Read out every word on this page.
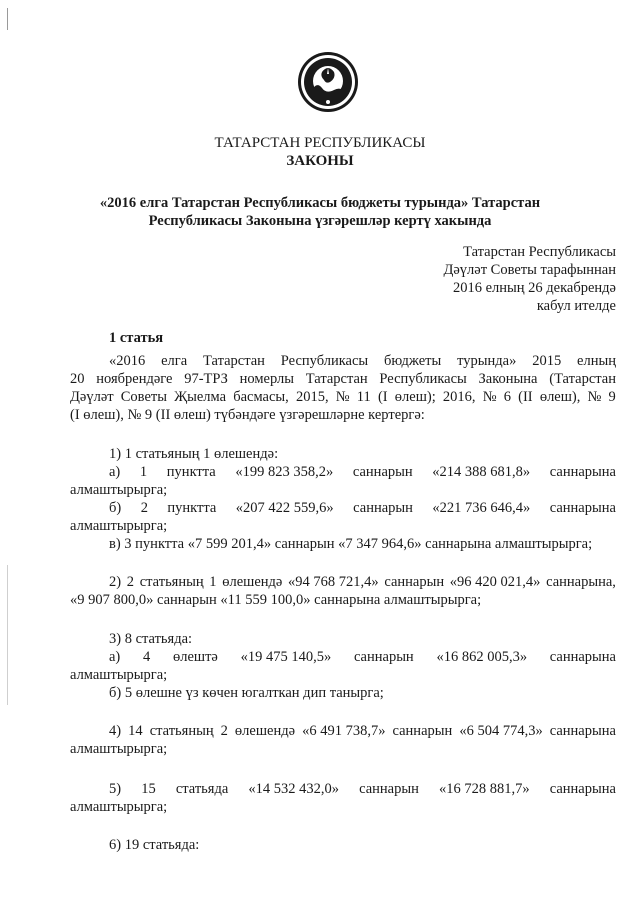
ТАТАРСТАН РЕСПУБЛИКАСЫ
ЗАКОНЫ
«2016 елга Татарстан Республикасы бюджеты турында» Татарстан
Республикасы Законына үзгәрешләр кертү хакында
Татарстан Республикасы
Дәүләт Советы тарафыннан
2016 елның 26 декабрендә
кабул ителде
1 статья
«2016 елга Татарстан Республикасы бюджеты турында» 2015 елның
20 ноябрендәге 97-ТРЗ номерлы Татарстан Республикасы Законына (Татарстан
Дәүләт Советы Җыелма басмасы, 2015, № 11 (I өлеш); 2016, № 6 (II өлеш), № 9
(I өлеш), № 9 (II өлеш) түбәндәге үзгәрешләрне кертергә:
1) 1 статьяның 1 өлешендә:
а) 1 пунктта «199 823 358,2» саннарын «214 388 681,8» саннарына
алмаштырырга;
б) 2 пунктта «207 422 559,6» саннарын «221 736 646,4» саннарына
алмаштырырга;
в) 3 пунктта «7 599 201,4» саннарын «7 347 964,6» саннарына алмаштырырга;
2) 2 статьяның 1 өлешендә «94 768 721,4» саннарын «96 420 021,4» саннарына,
«9 907 800,0» саннарын «11 559 100,0» саннарына алмаштырырга;
3) 8 статьяда:
а) 4 өлештә «19 475 140,5» саннарын «16 862 005,3» саннарына
алмаштырырга;
б) 5 өлешне үз көчен югалткан дип танырга;
4) 14 статьяның 2 өлешендә «6 491 738,7» саннарын «6 504 774,3» саннарына
алмаштырырга;
5) 15 статьяда «14 532 432,0» саннарын «16 728 881,7» саннарына
алмаштырырга;
6) 19 статьяда:
